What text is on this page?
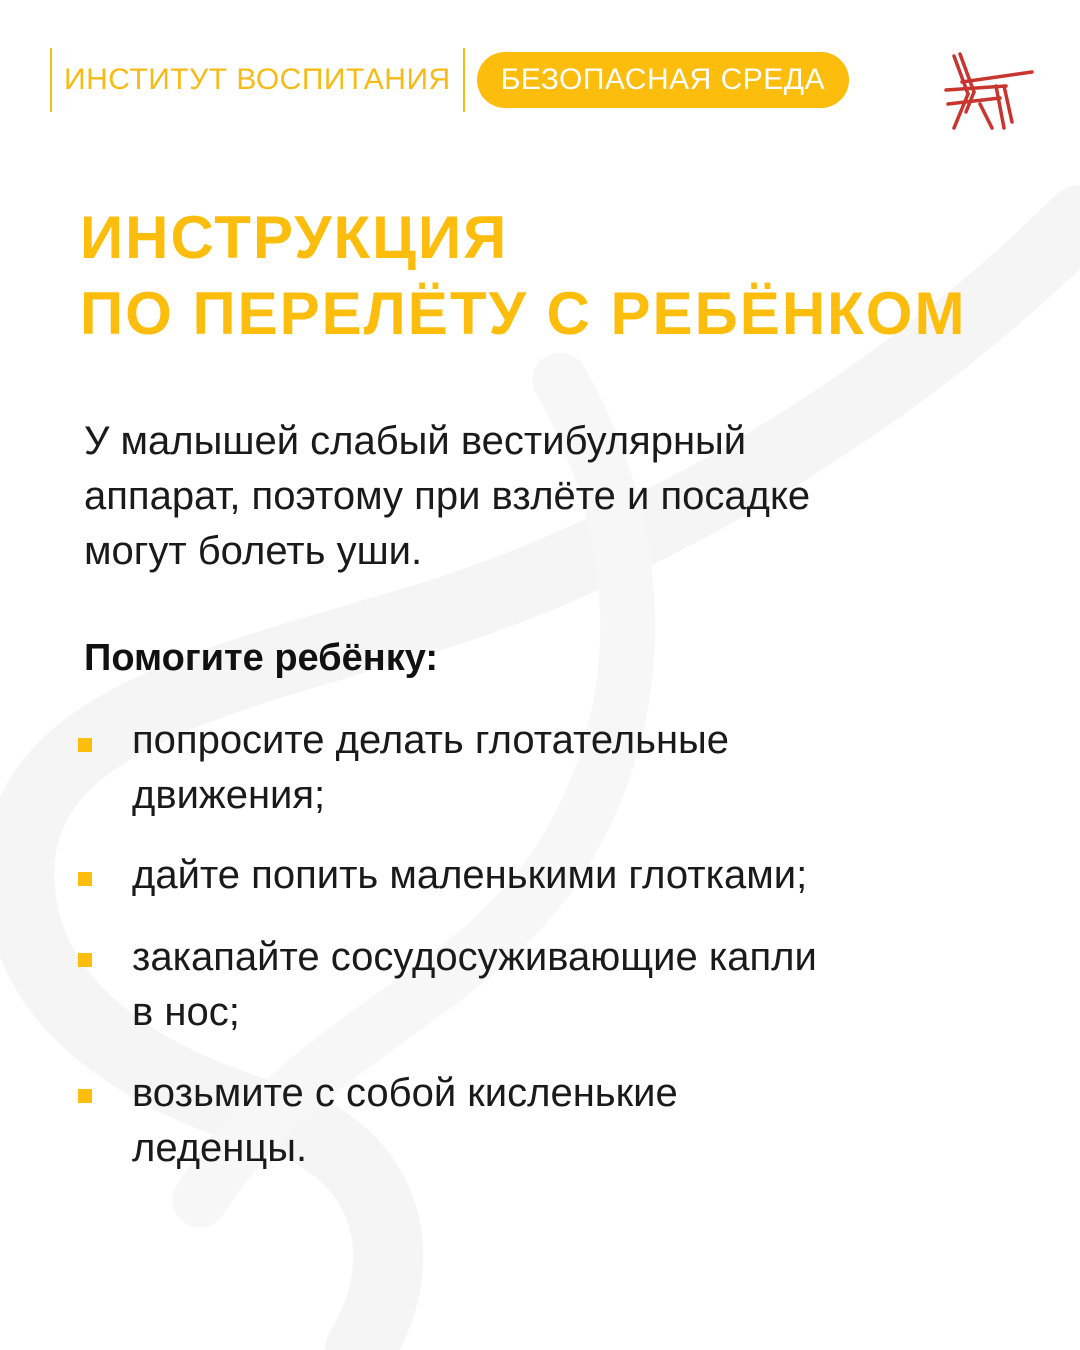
ИНСТИТУТ ВОСПИТАНИЯ	БЕЗОПАСНАЯ СРЕДА
ИНСТРУКЦИЯ
ПО ПЕРЕЛЁТУ С РЕБЁНКОМ
У малышей слабый вестибулярный
аппарат, поэтому при взлёте и посадке
могут болеть уши.
Помогите ребёнку:
попросите делать глотательные
движения;
дайте попить маленькими глотками;
закапайте сосудосуживающие капли
в нос;
возьмите с собой кисленькие
леденцы.
